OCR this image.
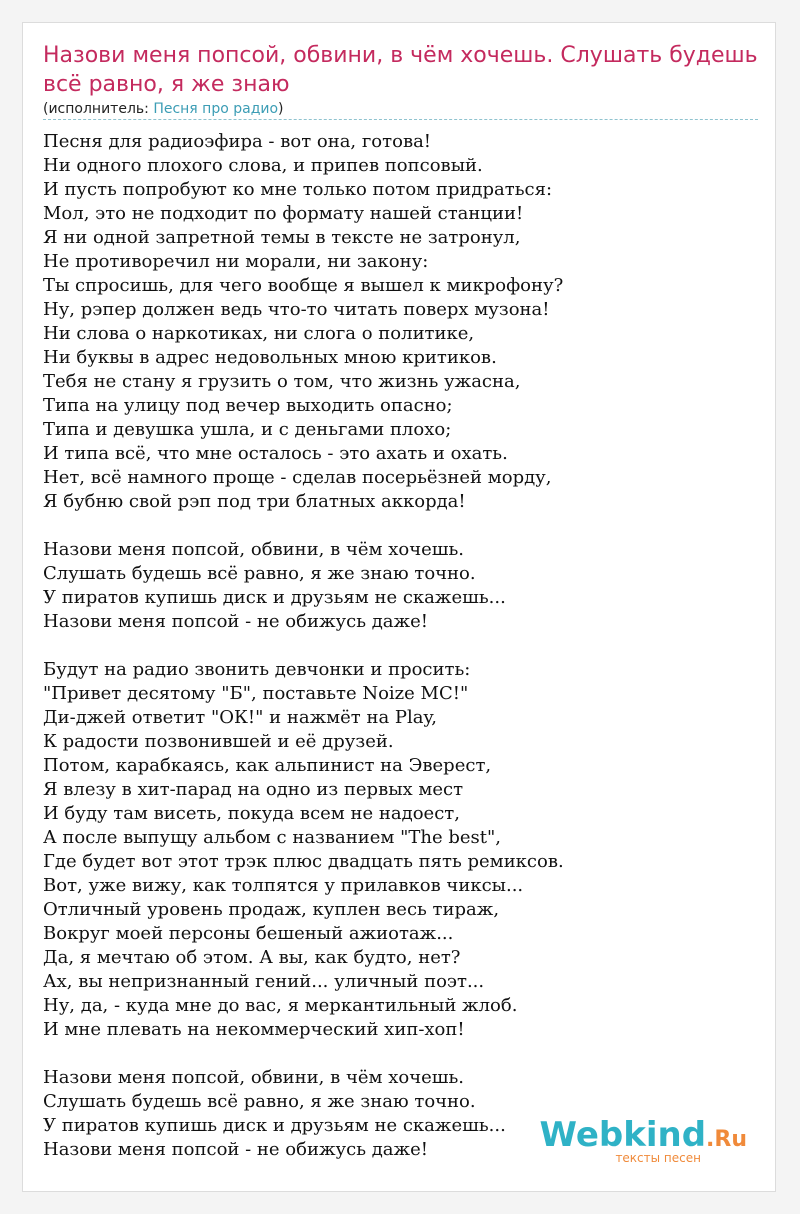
Назови меня попсой, обвини, в чём хочешь. Слушать будешь всё равно, я же знаю
(исполнитель: Песня про радио)
Песня для радиоэфира - вот она, готова!
Ни одного плохого слова, и припев попсовый.
И пусть попробуют ко мне только потом придраться:
Мол, это не подходит по формату нашей станции!
Я ни одной запретной темы в тексте не затронул,
Не противоречил ни морали, ни закону:
Ты спросишь, для чего вообще я вышел к микрофону?
Ну, рэпер должен ведь что-то читать поверх музона!
Ни слова о наркотиках, ни слога о политике,
Ни буквы в адрес недовольных мною критиков.
Тебя не стану я грузить о том, что жизнь ужасна,
Типа на улицу под вечер выходить опасно;
Типа и девушка ушла, и с деньгами плохо;
И типа всё, что мне осталось - это ахать и охать.
Нет, всё намного проще - сделав посерьёзней морду,
Я бубню свой рэп под три блатных аккорда!
Назови меня попсой, обвини, в чём хочешь.
Слушать будешь всё равно, я же знаю точно.
У пиратов купишь диск и друзьям не скажешь...
Назови меня попсой - не обижусь даже!
Будут на радио звонить девчонки и просить:
"Привет десятому "Б", поставьте Noize MC!"
Ди-джей ответит "ОК!" и нажмёт на Play,
К радости позвонившей и её друзей.
Потом, карабкаясь, как альпинист на Эверест,
Я влезу в хит-парад на одно из первых мест
И буду там висеть, покуда всем не надоест,
А после выпущу альбом с названием "The best",
Где будет вот этот трэк плюс двадцать пять ремиксов.
Вот, уже вижу, как толпятся у прилавков чиксы...
Отличный уровень продаж, куплен весь тираж,
Вокруг моей персоны бешеный ажиотаж...
Да, я мечтаю об этом. А вы, как будто, нет?
Ах, вы непризнанный гений... уличный поэт...
Ну, да, - куда мне до вас, я меркантильный жлоб.
И мне плевать на некоммерческий хип-хоп!
Назови меня попсой, обвини, в чём хочешь.
Слушать будешь всё равно, я же знаю точно.
У пиратов купишь диск и друзьям не скажешь...
Назови меня попсой - не обижусь даже!	Webkind.Ru
тексты песен
